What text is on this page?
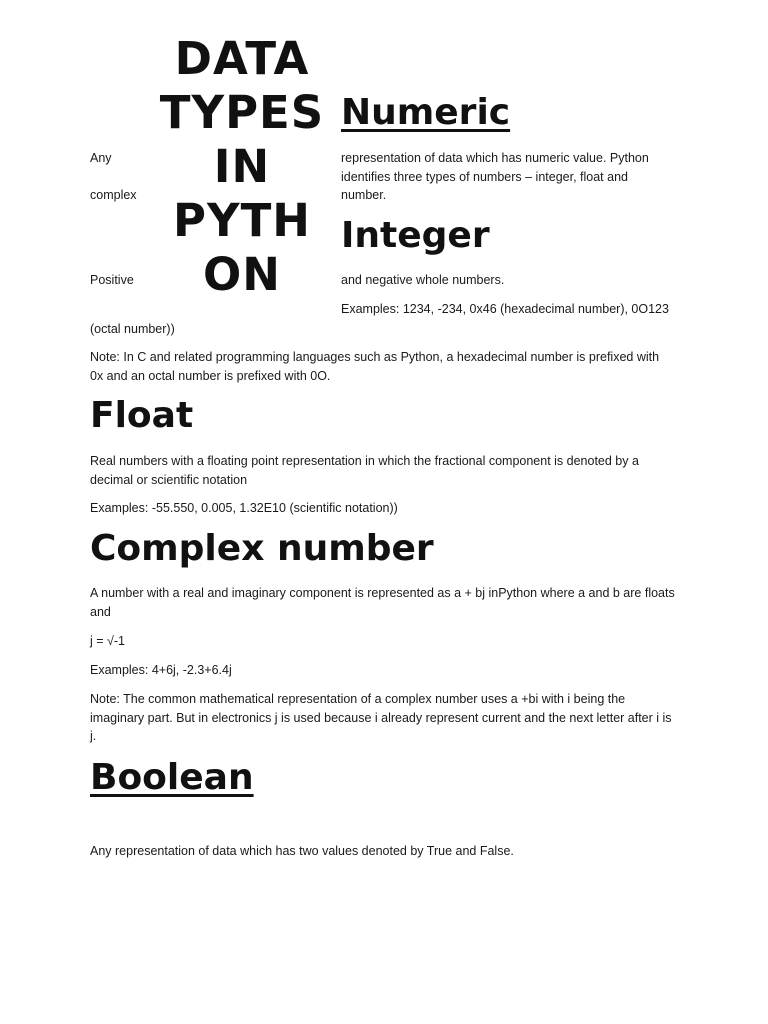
DATA
TYPES
IN
PYTH
ON
Numeric
Any
complex
representation of data which has numeric value. Python identifies three types of numbers – integer, float and number.
Integer
Positive	and negative whole numbers.
Examples: 1234, -234, 0x46 (hexadecimal number), 0O123
(octal number))
Note: In C and related programming languages such as Python, a hexadecimal number is prefixed with 0x and an octal number is prefixed with 0O.
Float
Real numbers with a floating point representation in which the fractional component is denoted by a decimal or scientific notation
Examples: -55.550, 0.005, 1.32E10 (scientific notation))
Complex number
A number with a real and imaginary component is represented as a + bj inPython where a and b are floats and
j = √-1
Examples: 4+6j, -2.3+6.4j
Note: The common mathematical representation of a complex number uses a +bi with i being the imaginary part. But in electronics j is used because i already represent current and the next letter after i is j.
Boolean
Any representation of data which has two values denoted by True and False.
